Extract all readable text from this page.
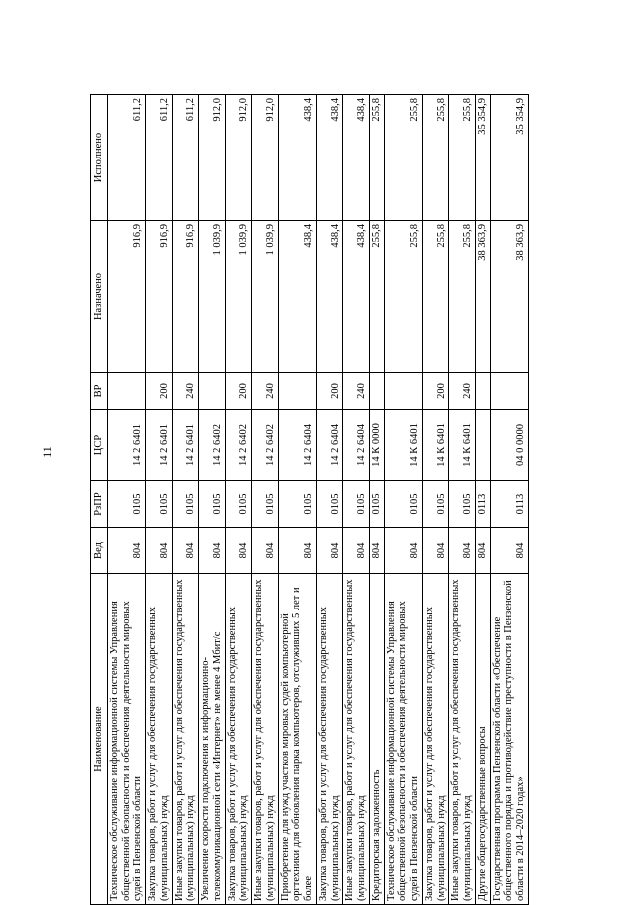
11
Наименование	Вед	РзПР	ЦСР	ВР	Назначено	Исполнено
Техническое обслуживание информационной системы Управления общественной безопасности и обеспечения деятельности мировых судей в Пензенской области	804	0105	14 2 6401		916,9	611,2
Закупка товаров, работ и услуг для обеспечения государственных (муниципальных) нужд	804	0105	14 2 6401	200	916,9	611,2
Иные закупки товаров, работ и услуг для обеспечения государственных (муниципальных) нужд	804	0105	14 2 6401	240	916,9	611,2
Увеличение скорости подключения к информационно-телекоммуникационной сети «Интернет» не менее 4 Мбит/с	804	0105	14 2 6402		1 039,9	912,0
Закупка товаров, работ и услуг для обеспечения государственных (муниципальных) нужд	804	0105	14 2 6402	200	1 039,9	912,0
Иные закупки товаров, работ и услуг для обеспечения государственных (муниципальных) нужд	804	0105	14 2 6402	240	1 039,9	912,0
Приобретение для нужд участков мировых судей компьютерной оргтехники для обновления парка компьютеров, отслуживших 5 лет и более	804	0105	14 2 6404		438,4	438,4
Закупка товаров, работ и услуг для обеспечения государственных (муниципальных) нужд	804	0105	14 2 6404	200	438,4	438,4
Иные закупки товаров, работ и услуг для обеспечения государственных (муниципальных) нужд	804	0105	14 2 6404	240	438,4	438,4
Кредиторская задолженность	804	0105	14 К 0000		255,8	255,8
Техническое обслуживание информационной системы Управления общественной безопасности и обеспечения деятельности мировых судей в Пензенской области	804	0105	14 К 6401		255,8	255,8
Закупка товаров, работ и услуг для обеспечения государственных (муниципальных) нужд	804	0105	14 К 6401	200	255,8	255,8
Иные закупки товаров, работ и услуг для обеспечения государственных (муниципальных) нужд	804	0105	14 К 6401	240	255,8	255,8
Другие общегосударственные вопросы	804	0113			38 363,9	35 354,9
Государственная программа Пензенской области «Обеспечение общественного порядка и противодействие преступности в Пензенской области в 2014–2020 годах»	804	0113	04 0 0000		38 363,9	35 354,9
